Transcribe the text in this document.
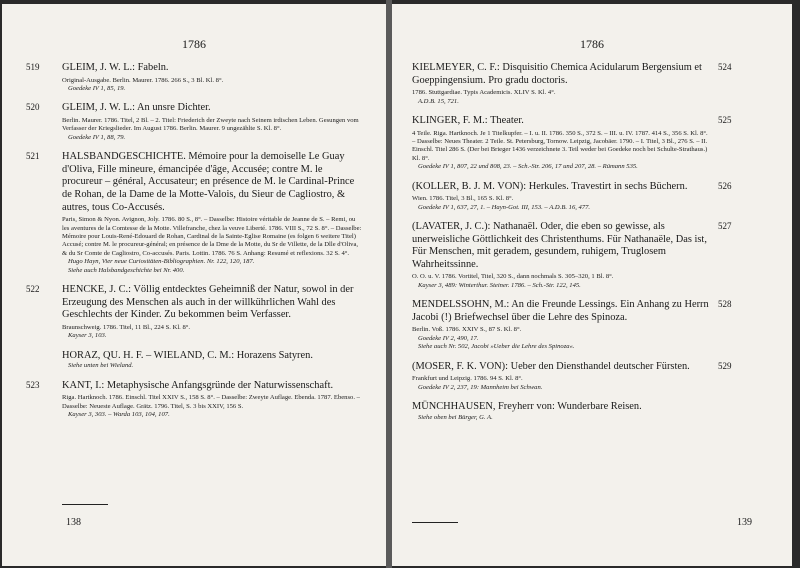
1786
519 GLEIM, J. W. L.: Fabeln.

Original-Ausgabe. Berlin. Maurer. 1786. 266 S., 3 Bl. Kl. 8°.

Goedeke IV 1, 85, 19.

520 GLEIM, J. W. L.: An unsre Dichter.

Berlin. Maurer. 1786. Titel, 2 Bl. – 2. Titel: Friederich der Zweyte nach Seinem irdischen Leben. Gesungen vom Verfasser der Kriegslieder. Im August 1786. Berlin. Maurer. 9 ungezählte S. Kl. 8°.

Goedeke IV 1, 88, 79.

521 HALSBANDGESCHICHTE. Mémoire pour la demoiselle Le Guay d'Oliva, Fille mineure, émancipée d'âge, Accusée; contre M. le procureur – général, Accusateur; en présence de M. le Cardinal-Prince de Rohan, de la Dame de la Motte-Valois, du Sieur de Cagliostro, & autres, tous Co-Accusés.

Paris, Simon & Nyon. Avignon, Joly. 1786. 80 S., 8°. – Dasselbe: Histoire véritable de Jeanne de S. – Remi, ou les aventures de la Comtesse de la Motte. Villefranche, chez la veuve Liberté. 1786. VIII S., 72 S. 8°. – Dasselbe: Mémoire pour Louis-René-Edouard de Rohan, Cardinal de la Sainte-Eglise Romaine (es folgen 6 weitere Titel) Accusé; contre M. le procureur-général; en présence de la Dme de la Motte, du Sr de Villette, de la Dlle d'Oliva, & du Sr Comte de Cagliostro, Co-accusés. Paris. Lottin. 1786. 76 S. Anhang: Resumé et reflexions. 32 S. 4°.

Hugo Hayn, Vier neue Curiositäten-Bibliographien. Nr. 122, 120, 187.

Siehe auch Halsbandgeschichte bei Nr. 400.

522 HENCKE, J. C.: Völlig entdecktes Geheimniß der Natur, sowol in der Erzeugung des Menschen als auch in der willkührlichen Wahl des Geschlechts der Kinder. Zu bekommen beim Verfasser.

Braunschweig. 1786. Titel, 11 Bl., 224 S. Kl. 8°.

Kayser 3, 103.

HORAZ, QU. H. F. – WIELAND, C. M.: Horazens Satyren.

Siehe unten bei Wieland.

523 KANT, I.: Metaphysische Anfangsgründe der Naturwissenschaft.

Riga. Hartknoch. 1786. Einschl. Titel XXIV S., 158 S. 8°. – Dasselbe: Zweyte Auflage. Ebenda. 1787. Ebenso. – Dasselbe: Neueste Auflage. Grätz. 1796. Titel, S. 3 bis XXIV, 156 S.

Kayser 3, 303. – Warda 103, 104, 107.

138
1786
524

KIELMEYER, C. F.: Disquisitio Chemica Acidularum Bergensium et Goeppingensium. Pro gradu doctoris.

1786. Stuttgardiae. Typis Academicis. XLIV S. Kl. 4°.

A.D.B. 15, 721.

525

KLINGER, F. M.: Theater.

4 Teile. Riga. Hartknoch. Je 1 Titelkupfer. – I. u. II. 1786. 350 S., 372 S. – III. u. IV. 1787. 414 S., 356 S. Kl. 8°. – Dasselbe: Neues Theater. 2 Teile. St. Petersburg, Tornow. Leipzig, Jacobäer. 1790. – I. Titel, 3 Bl., 276 S. – II. Einschl. Titel 286 S. (Der bei Brieger 1436 verzeichnete 3. Teil weder bei Goedeke noch bei Schulte-Strathaus.) Kl. 8°.

Goedeke IV 1, 807, 22 und 808, 23. – Sch.-Str. 206, 17 und 207, 28. – Rümann 535.

526

(KOLLER, B. J. M. VON): Herkules. Travestirt in sechs Büchern.

Wien. 1786. Titel, 3 Bl., 165 S. Kl. 8°.

Goedeke IV 1, 637, 27, 1. – Hayn-Got. III, 153. – A.D.B. 16, 477.

527

(LAVATER, J. C.): Nathanaël. Oder, die eben so gewisse, als unerweisliche Göttlichkeit des Christenthums. Für Nathanaële, Das ist, Für Menschen, mit geradem, gesundem, ruhigem, Truglosem Wahrheitssinne.

O. O. u. V. 1786. Vortitel, Titel, 320 S., dann nochmals S. 305–320, 1 Bl. 8°.

Kayser 3, 489: Winterthur. Steiner. 1786. – Sch.-Str. 122, 145.

528

MENDELSSOHN, M.: An die Freunde Lessings. Ein Anhang zu Herrn Jacobi (!) Briefwechsel über die Lehre des Spinoza.

Berlin. Voß. 1786. XXIV S., 87 S. Kl. 8°.

Goedeke IV 2, 490, 17.

Siehe auch Nr. 502, Jacobi »Ueber die Lehre des Spinoza«.

529

(MOSER, F. K. VON): Ueber den Diensthandel deutscher Fürsten.

Frankfurt und Leipzig. 1786. 94 S. Kl. 8°.

Goedeke IV 2, 237, 19: Mannheim bei Schwan.

MÜNCHHAUSEN, Freyherr von: Wunderbare Reisen.

Siehe oben bei Bürger, G. A.

139
